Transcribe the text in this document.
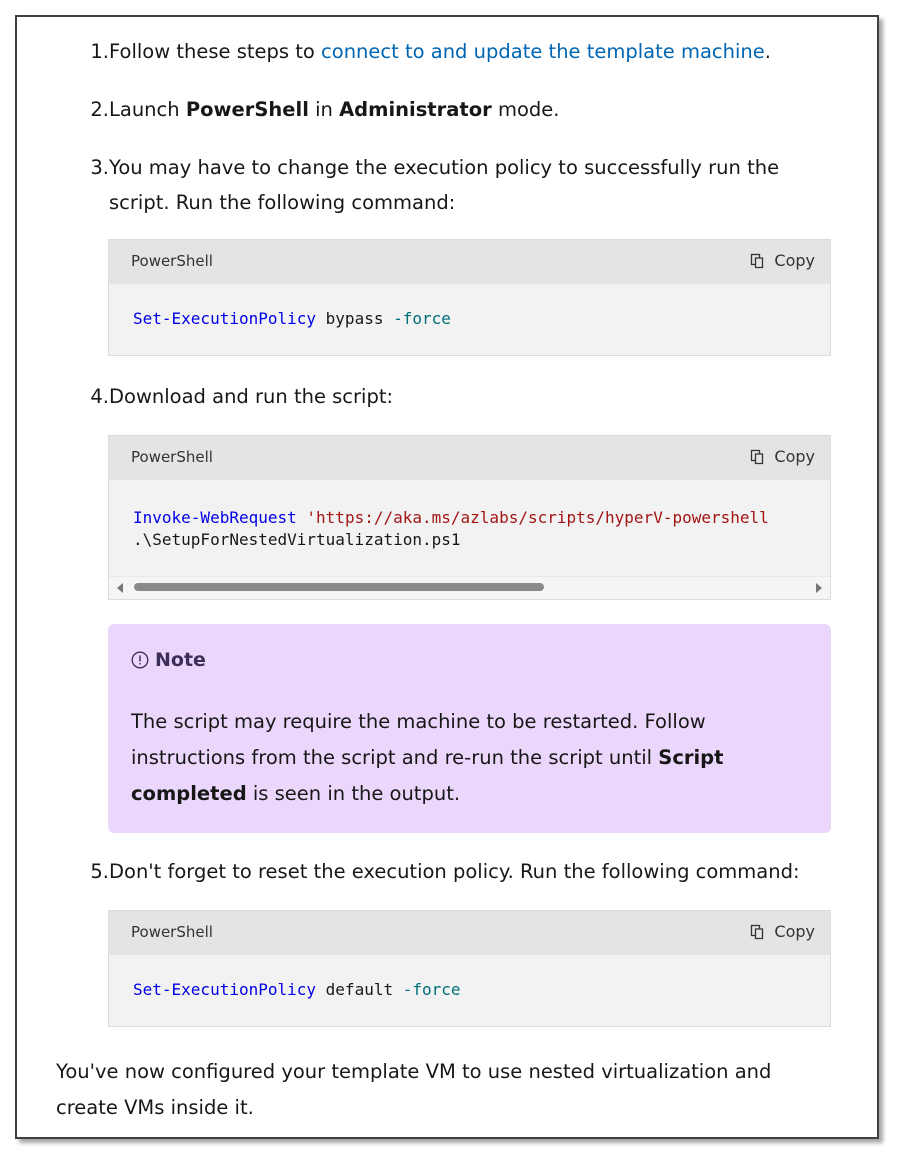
1. Follow these steps to connect to and update the template machine.
2. Launch PowerShell in Administrator mode.
3. You may have to change the execution policy to successfully run the
script. Run the following command:
PowerShell	Copy
Set-ExecutionPolicy bypass -force
4. Download and run the script:
PowerShell	Copy
Invoke-WebRequest 'https://aka.ms/azlabs/scripts/hyperV-powershell
.\SetupForNestedVirtualization.ps1
Note
The script may require the machine to be restarted. Follow
instructions from the script and re-run the script until Script
completed is seen in the output.
5. Don't forget to reset the execution policy. Run the following command:
PowerShell	Copy
Set-ExecutionPolicy default -force
You've now configured your template VM to use nested virtualization and
create VMs inside it.
